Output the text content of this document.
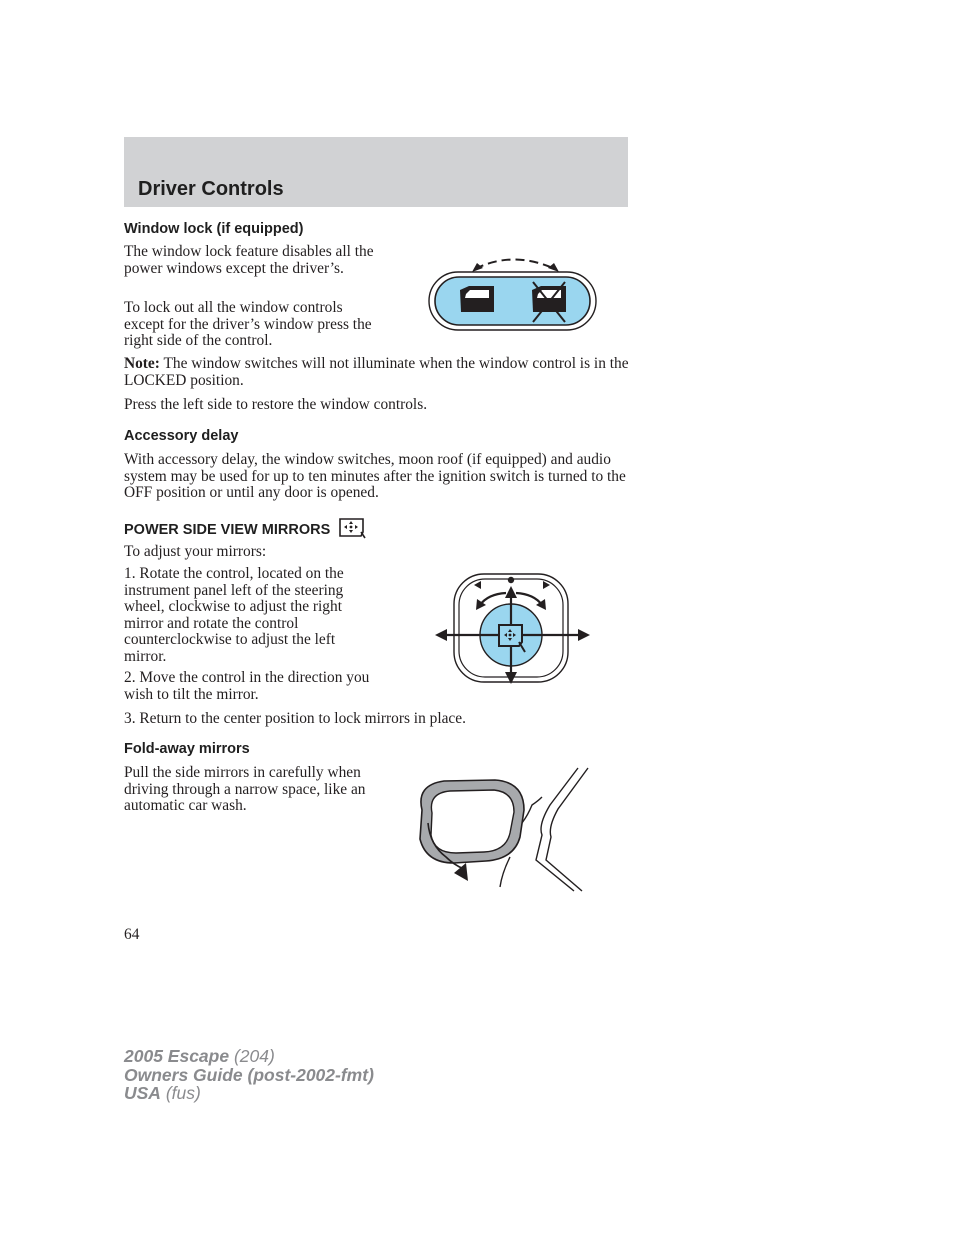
Driver Controls
Window lock (if equipped)

The window lock feature disables all the power windows except the driver’s.

To lock out all the window controls except for the driver’s window press the right side of the control.

Note: The window switches will not illuminate when the window control is in the LOCKED position.

Press the left side to restore the window controls.

Accessory delay

With accessory delay, the window switches, moon roof (if equipped) and audio system may be used for up to ten minutes after the ignition switch is turned to the OFF position or until any door is opened.

POWER SIDE VIEW MIRRORS

To adjust your mirrors:

1. Rotate the control, located on the instrument panel left of the steering wheel, clockwise to adjust the right mirror and rotate the control counterclockwise to adjust the left mirror.

2. Move the control in the direction you wish to tilt the mirror.

3. Return to the center position to lock mirrors in place.

Fold-away mirrors

Pull the side mirrors in carefully when driving through a narrow space, like an automatic car wash.

64
2005 Escape (204)
Owners Guide (post-2002-fmt)
USA (fus)
